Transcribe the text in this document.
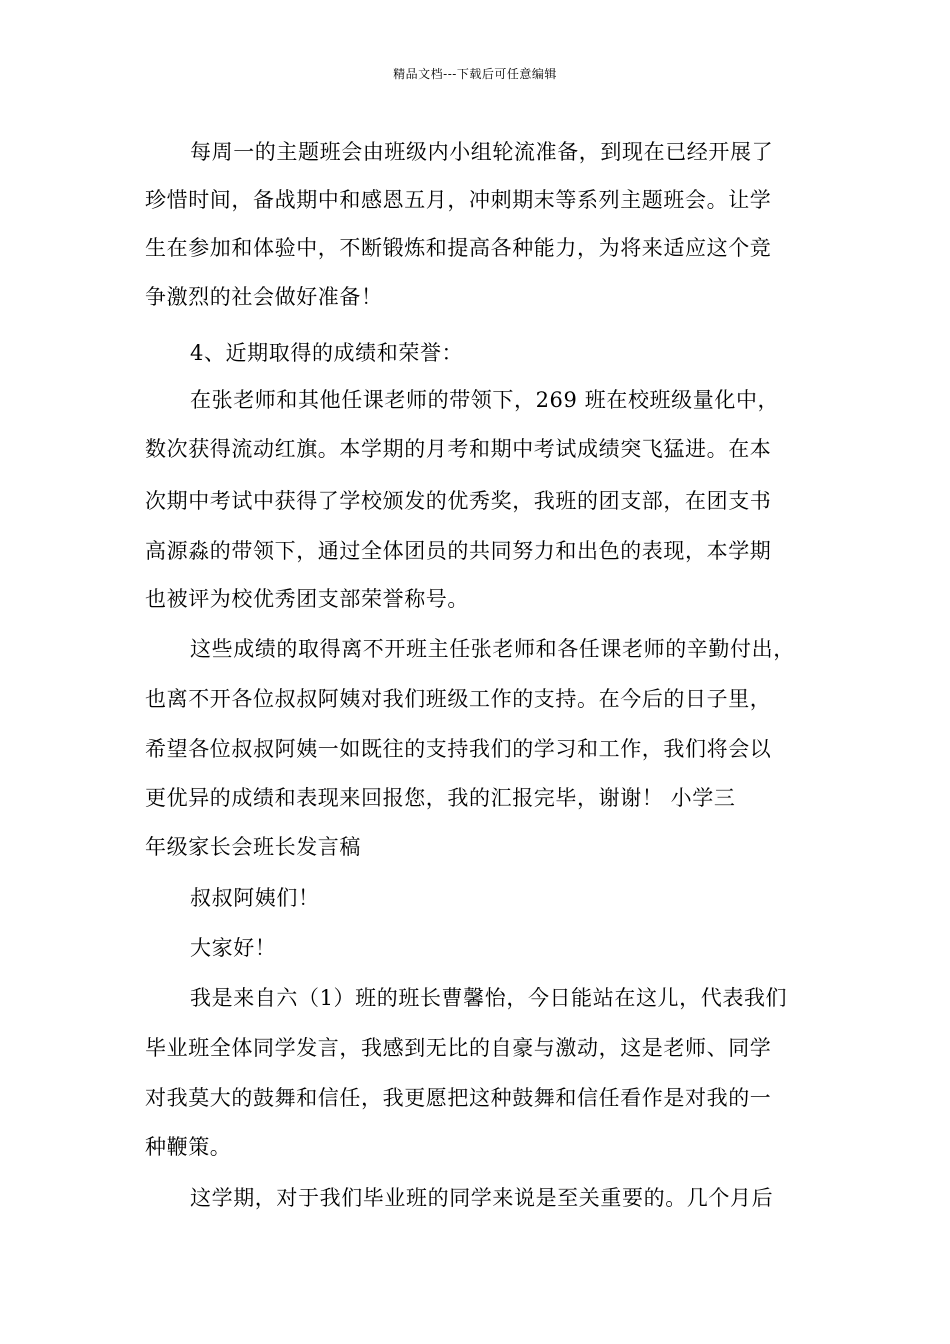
精品文档---下载后可任意编辑
每周一的主题班会由班级内小组轮流准备，到现在已经开展了
珍惜时间，备战期中和感恩五月，冲刺期末等系列主题班会。让学
生在参加和体验中，不断锻炼和提高各种能力，为将来适应这个竞
争激烈的社会做好准备！
4、近期取得的成绩和荣誉：
在张老师和其他任课老师的带领下，269 班在校班级量化中，
数次获得流动红旗。本学期的月考和期中考试成绩突飞猛进。在本
次期中考试中获得了学校颁发的优秀奖，我班的团支部，在团支书
高源淼的带领下，通过全体团员的共同努力和出色的表现，本学期
也被评为校优秀团支部荣誉称号。
这些成绩的取得离不开班主任张老师和各任课老师的辛勤付出，
也离不开各位叔叔阿姨对我们班级工作的支持。在今后的日子里，
希望各位叔叔阿姨一如既往的支持我们的学习和工作，我们将会以
更优异的成绩和表现来回报您，我的汇报完毕，谢谢！ 小学三
年级家长会班长发言稿
叔叔阿姨们！
大家好！
我是来自六（1）班的班长曹馨怡，今日能站在这儿，代表我们
毕业班全体同学发言，我感到无比的自豪与激动，这是老师、同学
对我莫大的鼓舞和信任，我更愿把这种鼓舞和信任看作是对我的一
种鞭策。
这学期，对于我们毕业班的同学来说是至关重要的。几个月后
